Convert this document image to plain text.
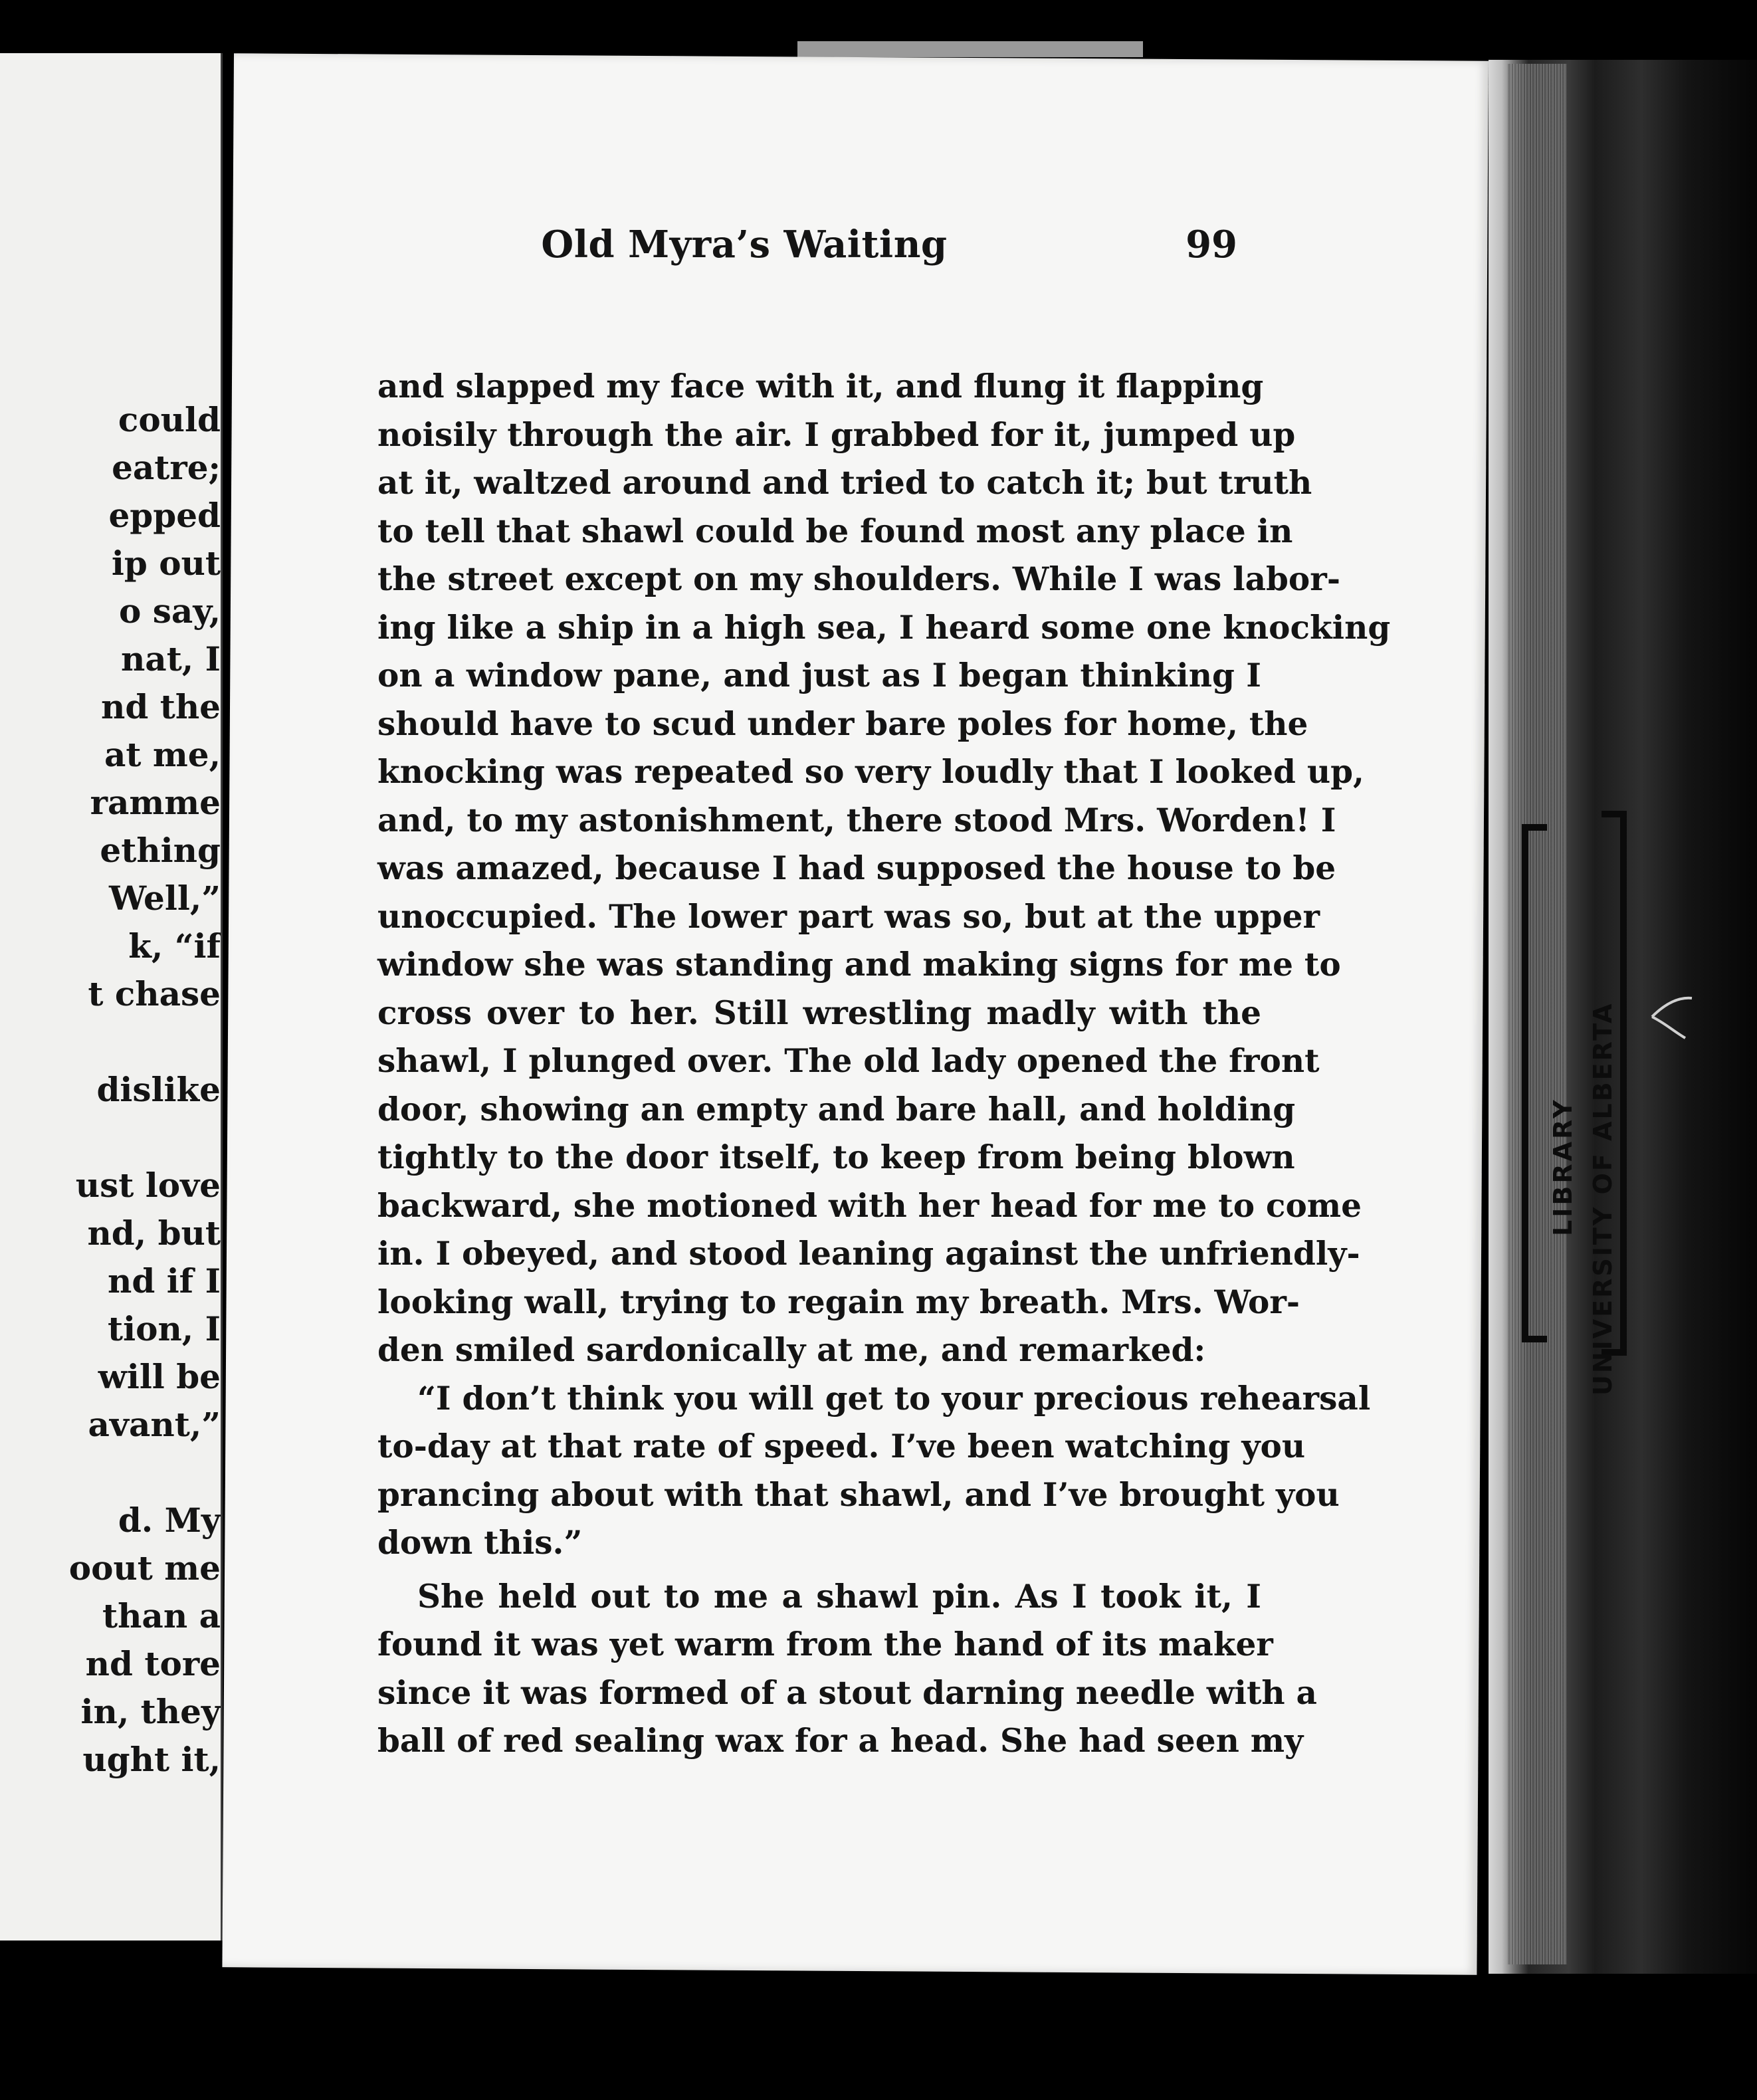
could
eatre;
epped
ip out
o say,
nat, I
nd the
at me,
ramme
ething
Well,”
k, “if
t chase
dislike
ust love
nd, but
nd if I
tion, I
will be
avant,”
d. My
oout me
than a
nd tore
in, they
ught it,
Old Myra’s Waiting	99
and slapped my face with it, and flung it flapping
noisily through the air. I grabbed for it, jumped up
at it, waltzed around and tried to catch it; but truth
to tell that shawl could be found most any place in
the street except on my shoulders. While I was labor-
ing like a ship in a high sea, I heard some one knocking
on a window pane, and just as I began thinking I
should have to scud under bare poles for home, the
knocking was repeated so very loudly that I looked up,
and, to my astonishment, there stood Mrs. Worden! I
was amazed, because I had supposed the house to be
unoccupied. The lower part was so, but at the upper
window she was standing and making signs for me to
cross over to her. Still wrestling madly with the
shawl, I plunged over. The old lady opened the front
door, showing an empty and bare hall, and holding
tightly to the door itself, to keep from being blown
backward, she motioned with her head for me to come
in. I obeyed, and stood leaning against the unfriendly-
looking wall, trying to regain my breath. Mrs. Wor-
den smiled sardonically at me, and remarked:
“I don’t think you will get to your precious rehearsal
to-day at that rate of speed. I’ve been watching you
prancing about with that shawl, and I’ve brought you
down this.”
She held out to me a shawl pin. As I took it, I
found it was yet warm from the hand of its maker
since it was formed of a stout darning needle with a
ball of red sealing wax for a head. She had seen my
LIBRARY UNIVERSITY OF ALBERTA
